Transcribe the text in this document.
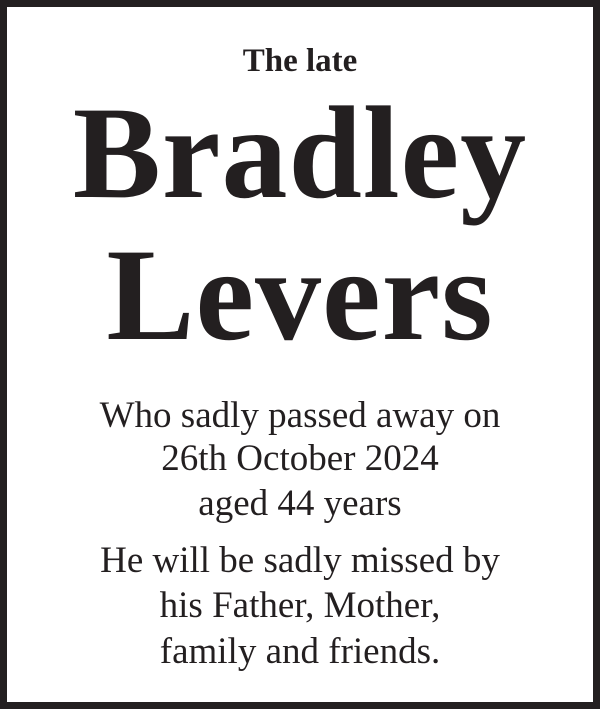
The late

Bradley

Levers

Who sadly passed away on

26th October 2024

aged 44 years

He will be sadly missed by

his Father, Mother,

family and friends.
